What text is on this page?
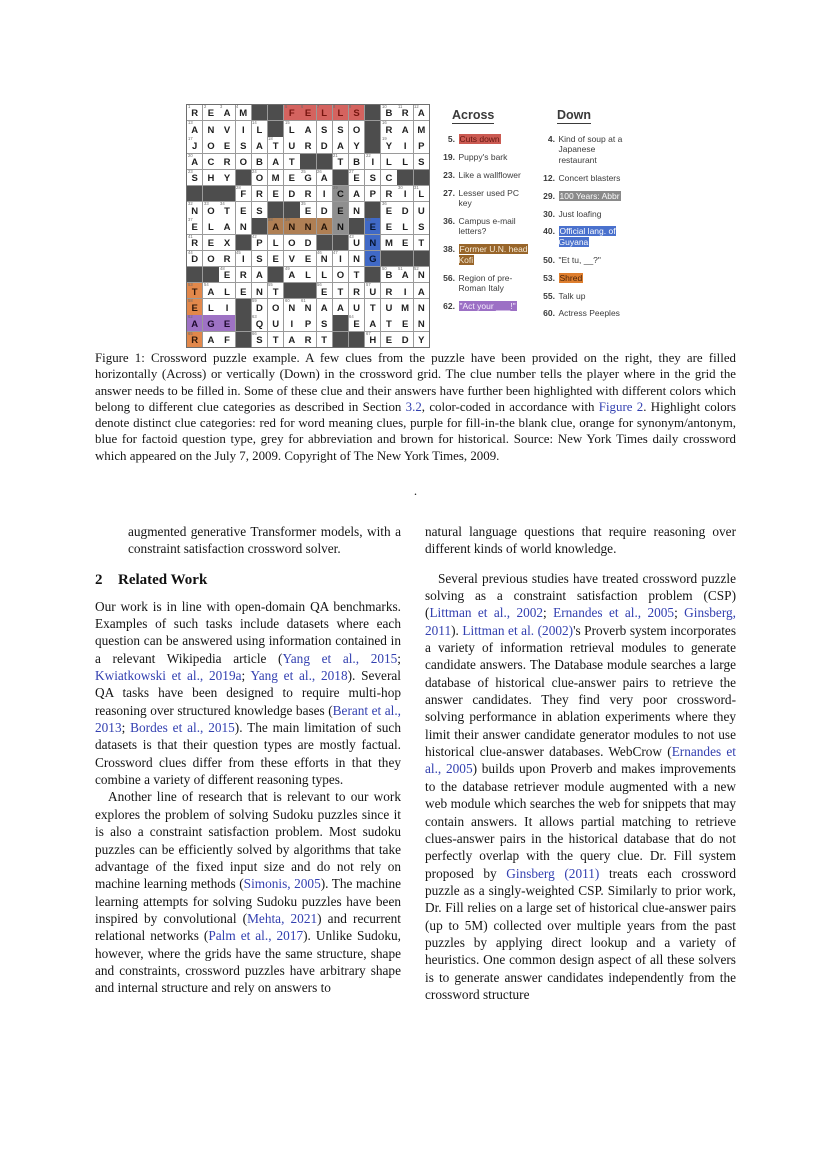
1
R
2
E
3
A
4
M
5
F
6
E
7
L
8
L
9
S
10
B
11
R
12
A
13
A N V I
14
L
15
L A S S O
16
R A M
17
J O E S A
18
T U R D A Y
19
Y I P
20
A C R O B A T
21
T B
22
I L L S
23
S H Y
24
O M E
25
G
26
A
27
E S C
28
F R E D R I
29
C A P R
30
I
31
L
32
N
33
O
34
T E S
35
E D E N
36
E D U
37
E L A N
38
A
39
N N A N
40
E E L S
41
R E X
42
P L O D
43
U N M E T
44
D O R
45
I S E V E
46
N
47
I N G
48
E R A
49
A L L O T
50
B
51
A
52
N
53
T
54
A L E N
55
T
56
E T R
57
U R I A
58
E L I
59
D O
60
N
61
N A A U T U M N
62
A G E
63
Q U I P S
64
E A T E N
65
R A F
66
S T A R T
67
H E D Y
Across
5. Cuts down
19. Puppy's bark
23. Like a wallflower
27. Lesser used PC key
36. Campus e-mail letters?
38. Former U.N. head Kofi
56. Region of pre-Roman Italy
62. "Act your ___!"
Down
4. Kind of soup at a Japanese restaurant
12. Concert blasters
29. 100 Years: Abbr
30. Just loafing
40. Official lang. of Guyana
50. "Et tu, __?"
53. Shred
55. Talk up
60. Actress Peeples
Figure 1: Crossword puzzle example. A few clues from the puzzle have been provided on the right, they are filled horizontally (Across) or vertically (Down) in the crossword grid. The clue number tells the player where in the grid the answer needs to be filled in. Some of these clue and their answers have further been highlighted with different colors which belong to different clue categories as described in Section 3.2, color-coded in accordance with Figure 2. Highlight colors denote distinct clue categories: red for word meaning clues, purple for fill-in-the blank clue, orange for synonym/antonym, blue for factoid question type, grey for abbreviation and brown for historical. Source: New York Times daily crossword which appeared on the July 7, 2009. Copyright of The New York Times, 2009.
.

augmented generative Transformer models, with a constraint satisfaction crossword solver.

2 Related Work

Our work is in line with open-domain QA benchmarks. Examples of such tasks include datasets where each question can be answered using information contained in a relevant Wikipedia article (Yang et al., 2015; Kwiatkowski et al., 2019a; Yang et al., 2018). Several QA tasks have been designed to require multi-hop reasoning over structured knowledge bases (Berant et al., 2013; Bordes et al., 2015). The main limitation of such datasets is that their question types are mostly factual. Crossword clues differ from these efforts in that they combine a variety of different reasoning types.

Another line of research that is relevant to our work explores the problem of solving Sudoku puzzles since it is also a constraint satisfaction problem. Most sudoku puzzles can be efficiently solved by algorithms that take advantage of the fixed input size and do not rely on machine learning methods (Simonis, 2005). The machine learning attempts for solving Sudoku puzzles have been inspired by convolutional (Mehta, 2021) and recurrent relational networks (Palm et al., 2017). Unlike Sudoku, however, where the grids have the same structure, shape and constraints, crossword puzzles have arbitrary shape and internal structure and rely on answers to

natural language questions that require reasoning over different kinds of world knowledge.

Several previous studies have treated crossword puzzle solving as a constraint satisfaction problem (CSP) (Littman et al., 2002; Ernandes et al., 2005; Ginsberg, 2011). Littman et al. (2002)'s Proverb system incorporates a variety of information retrieval modules to generate candidate answers. The Database module searches a large database of historical clue-answer pairs to retrieve the answer candidates. They find very poor crossword-solving performance in ablation experiments where they limit their answer candidate generator modules to not use historical clue-answer databases. WebCrow (Ernandes et al., 2005) builds upon Proverb and makes improvements to the database retriever module augmented with a new web module which searches the web for snippets that may contain answers. It allows partial matching to retrieve clues-answer pairs in the historical database that do not perfectly overlap with the query clue. Dr. Fill system proposed by Ginsberg (2011) treats each crossword puzzle as a singly-weighted CSP. Similarly to prior work, Dr. Fill relies on a large set of historical clue-answer pairs (up to 5M) collected over multiple years from the past puzzles by applying direct lookup and a variety of heuristics. One common design aspect of all these solvers is to generate answer candidates independently from the crossword structure
